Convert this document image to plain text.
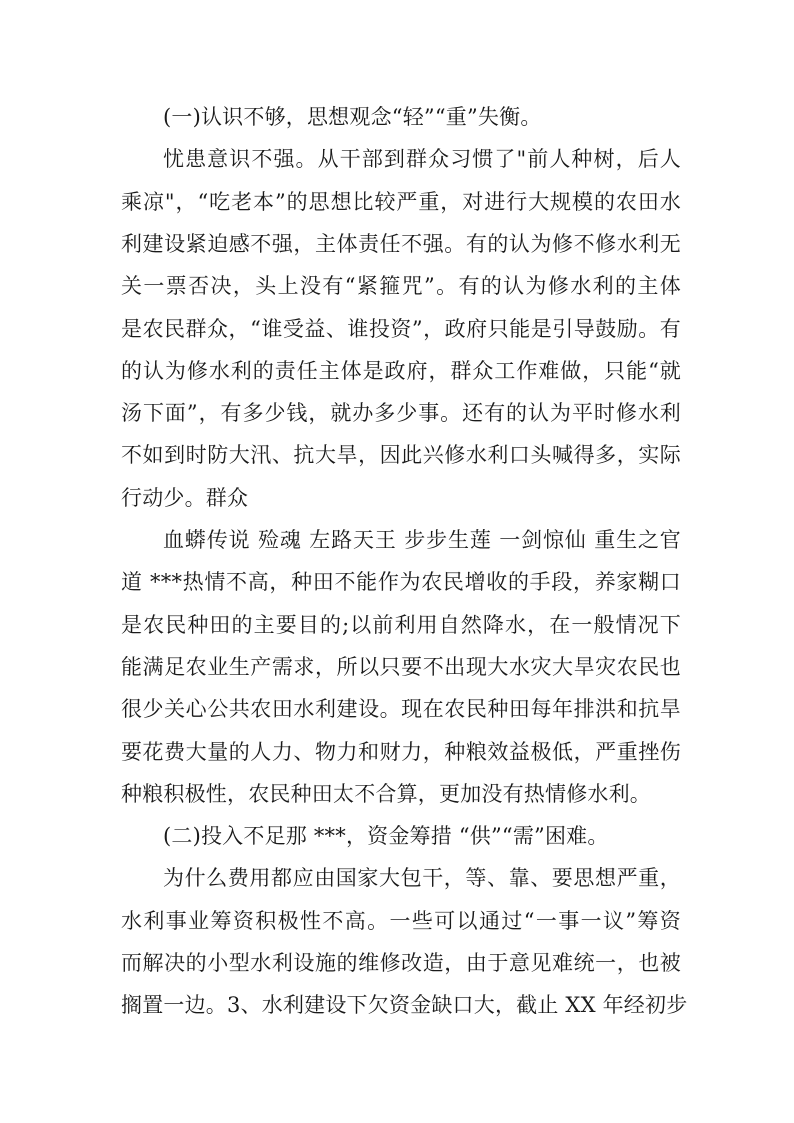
(一)认识不够，思想观念“轻”“重”失衡。
忧患意识不强。从干部到群众习惯了"前人种树，后人
乘凉"，“吃老本”的思想比较严重，对进行大规模的农田水
利建设紧迫感不强，主体责任不强。有的认为修不修水利无
关一票否决，头上没有“紧箍咒”。有的认为修水利的主体
是农民群众，“谁受益、谁投资”，政府只能是引导鼓励。有
的认为修水利的责任主体是政府，群众工作难做，只能“就
汤下面”，有多少钱，就办多少事。还有的认为平时修水利
不如到时防大汛、抗大旱，因此兴修水利口头喊得多，实际
行动少。群众
血蟒传说 殓魂 左路天王 步步生莲 一剑惊仙 重生之官
道 ***热情不高，种田不能作为农民增收的手段，养家糊口
是农民种田的主要目的;以前利用自然降水，在一般情况下
能满足农业生产需求，所以只要不出现大水灾大旱灾农民也
很少关心公共农田水利建设。现在农民种田每年排洪和抗旱
要花费大量的人力、物力和财力，种粮效益极低，严重挫伤
种粮积极性，农民种田太不合算，更加没有热情修水利。
(二)投入不足那 ***，资金筹措 “供”“需”困难。
为什么费用都应由国家大包干，等、靠、要思想严重，
水利事业筹资积极性不高。一些可以通过“一事一议”筹资
而解决的小型水利设施的维修改造，由于意见难统一，也被
搁置一边。3、水利建设下欠资金缺口大，截止 XX 年经初步
